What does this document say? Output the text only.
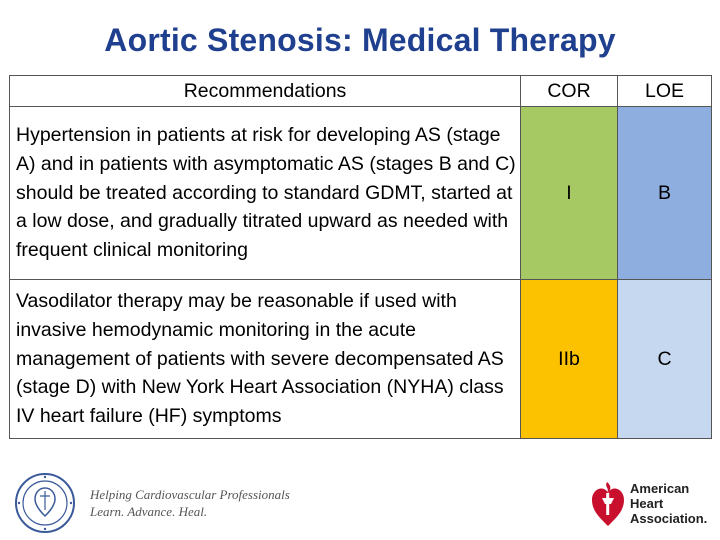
Aortic Stenosis: Medical Therapy
Recommendations	COR	LOE
Hypertension in patients at risk for developing AS (stage A) and in patients with asymptomatic AS (stages B and C) should be treated according to standard GDMT, started at a low dose, and gradually titrated upward as needed with frequent clinical monitoring	I	B
Vasodilator therapy may be reasonable if used with invasive hemodynamic monitoring in the acute management of patients with severe decompensated AS (stage D) with New York Heart Association (NYHA) class IV heart failure (HF) symptoms	IIb	C
Helping Cardiovascular Professionals
Learn. Advance. Heal.
American
Heart
Association.
